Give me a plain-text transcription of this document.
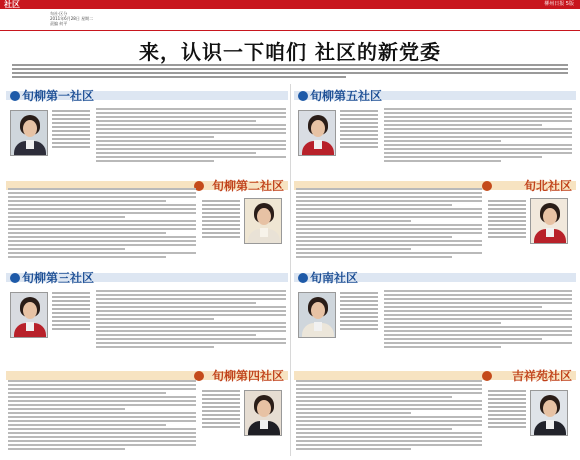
社区	柳州日报 5版
旬社·区分
2011年6月28日 星期二
责编 何平
来，认识一下咱们 社区的新党委
旬柳第一社区	旬柳第五社区
旬柳第二社区	旬北社区
旬柳第三社区	旬南社区
旬柳第四社区	吉祥苑社区
